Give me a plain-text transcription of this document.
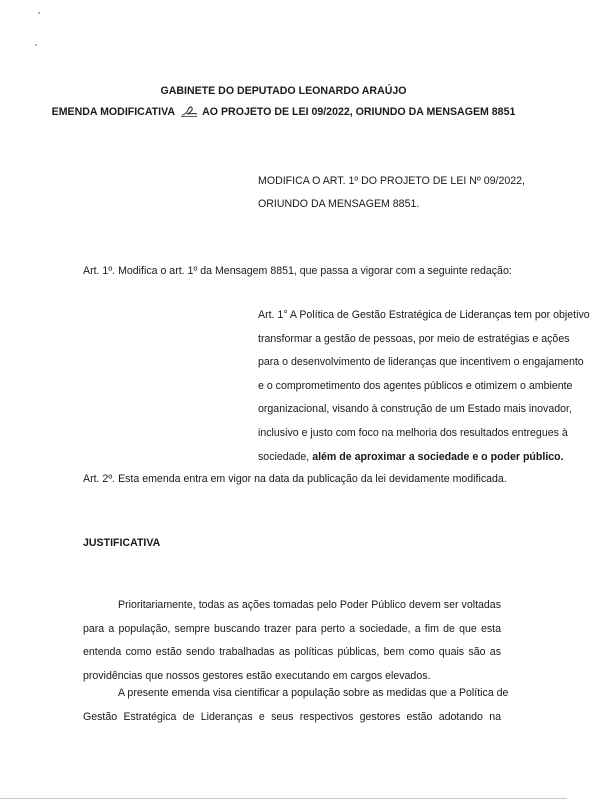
GABINETE DO DEPUTADO LEONARDO ARAÚJO
EMENDA MODIFICATIVA	AO PROJETO DE LEI 09/2022, ORIUNDO DA MENSAGEM 8851
MODIFICA O ART. 1º DO PROJETO DE LEI Nº 09/2022,
ORIUNDO DA MENSAGEM 8851.
Art. 1º. Modifica o art. 1º da Mensagem 8851, que passa a vigorar com a seguinte redação:
Art. 1° A Política de Gestão Estratégica de Lideranças tem por objetivo
transformar a gestão de pessoas, por meio de estratégias e ações
para o desenvolvimento de lideranças que incentivem o engajamento
e o comprometimento dos agentes públicos e otimizem o ambiente
organizacional, visando à construção de um Estado mais inovador,
inclusivo e justo com foco na melhoria dos resultados entregues à
sociedade, além de aproximar a sociedade e o poder público.
Art. 2º. Esta emenda entra em vigor na data da publicação da lei devidamente modificada.
JUSTIFICATIVA
Prioritariamente, todas as ações tomadas pelo Poder Público devem ser voltadas
para a população, sempre buscando trazer para perto a sociedade, a fim de que esta
entenda como estão sendo trabalhadas as políticas públicas, bem como quais são as
providências que nossos gestores estão executando em cargos elevados.
A presente emenda visa cientificar a população sobre as medidas que a Política de
Gestão Estratégica de Lideranças e seus respectivos gestores estão adotando na
